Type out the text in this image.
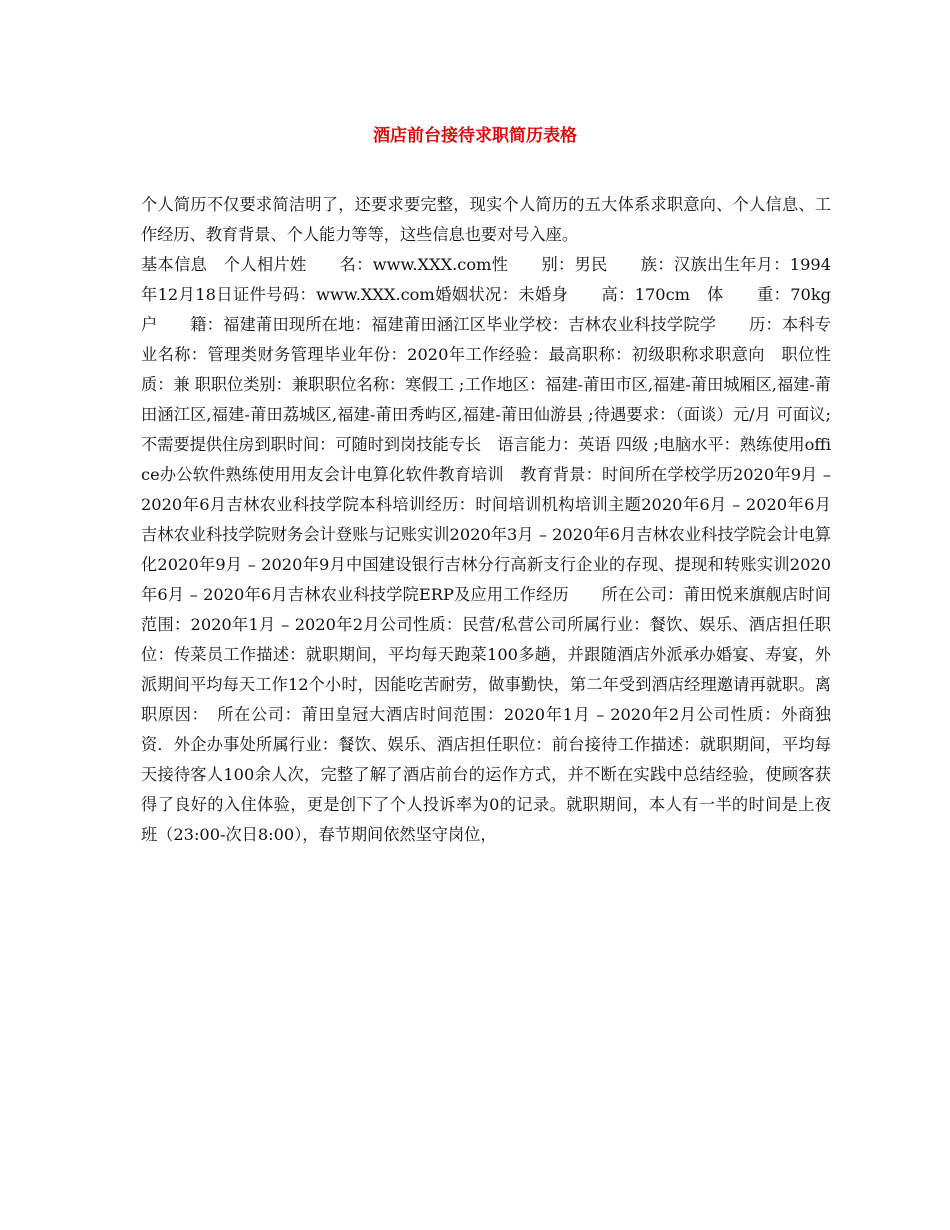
酒店前台接待求职简历表格

个人简历不仅要求简洁明了，还要求要完整，现实个人简历的五大体系求职意向、个人信息、工作经历、教育背景、个人能力等等，这些信息也要对号入座。

基本信息　个人相片姓　　名：www.XXX.com性　　别：男民　　族：汉族出生年月：1994年12月18日证件号码：www.XXX.com婚姻状况：未婚身　　高：170cm　体　　重：70kg户　　籍：福建莆田现所在地：福建莆田涵江区毕业学校：吉林农业科技学院学　　历：本科专业名称：管理类财务管理毕业年份：2020年工作经验：最高职称：初级职称求职意向　职位性质：兼 职职位类别：兼职职位名称：寒假工 ;工作地区：福建-莆田市区,福建-莆田城厢区,福建-莆田涵江区,福建-莆田荔城区,福建-莆田秀屿区,福建-莆田仙游县 ;待遇要求：（面谈）元/月 可面议; 不需要提供住房到职时间：可随时到岗技能专长　语言能力：英语 四级 ;电脑水平：熟练使用office办公软件熟练使用用友会计电算化软件教育培训　教育背景：时间所在学校学历2020年9月 – 2020年6月吉林农业科技学院本科培训经历：时间培训机构培训主题2020年6月 – 2020年6月吉林农业科技学院财务会计登账与记账实训2020年3月 – 2020年6月吉林农业科技学院会计电算化2020年9月 – 2020年9月中国建设银行吉林分行高新支行企业的存现、提现和转账实训2020年6月 – 2020年6月吉林农业科技学院ERP及应用工作经历　　所在公司：莆田悦来旗舰店时间范围：2020年1月 – 2020年2月公司性质：民营/私营公司所属行业：餐饮、娱乐、酒店担任职位：传菜员工作描述：就职期间，平均每天跑菜100多趟，并跟随酒店外派承办婚宴、寿宴，外派期间平均每天工作12个小时，因能吃苦耐劳，做事勤快，第二年受到酒店经理邀请再就职。离职原因：　所在公司：莆田皇冠大酒店时间范围：2020年1月 – 2020年2月公司性质：外商独资．外企办事处所属行业：餐饮、娱乐、酒店担任职位：前台接待工作描述：就职期间，平均每天接待客人100余人次，完整了解了酒店前台的运作方式，并不断在实践中总结经验，使顾客获得了良好的入住体验，更是创下了个人投诉率为0的记录。就职期间，本人有一半的时间是上夜班（23:00-次日8:00），春节期间依然坚守岗位，
